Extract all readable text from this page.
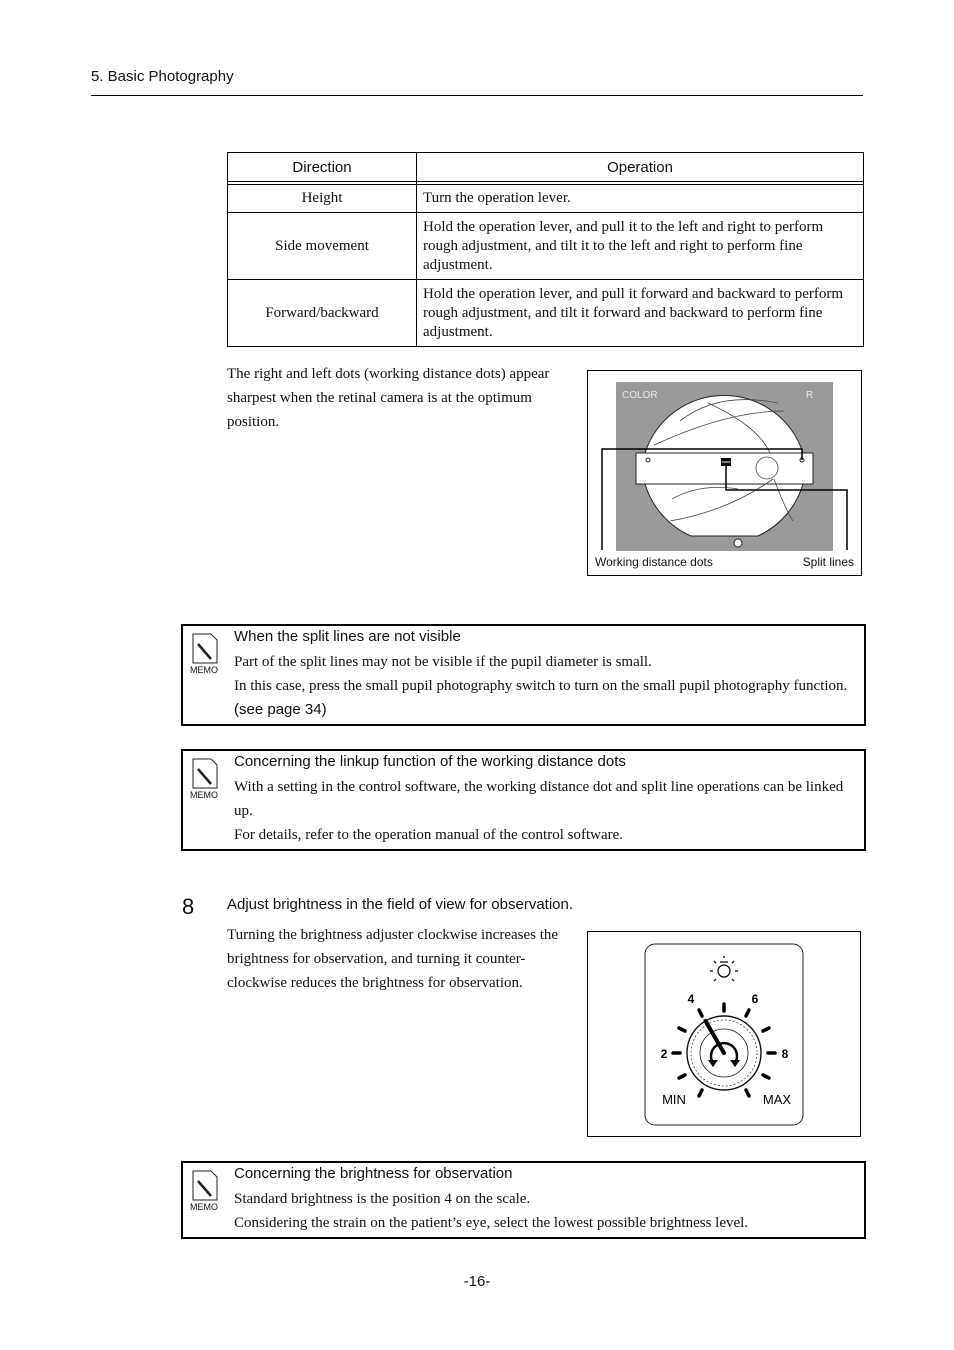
5. Basic Photography
Direction	Operation

Height	Turn the operation lever.
Side movement	Hold the operation lever, and pull it to the left and right to perform rough adjustment, and tilt it to the left and right to perform fine adjustment.
Forward/backward	Hold the operation lever, and pull it forward and backward to perform rough adjustment, and tilt it forward and backward to perform fine adjustment.
The right and left dots (working distance dots) appear sharpest when the retinal camera is at the optimum position.
COLOR	R
Working distance dots	Split lines
MEMO
When the split lines are not visible
Part of the split lines may not be visible if the pupil diameter is small.
In this case, press the small pupil photography switch to turn on the small pupil photography function. (see page 34)
MEMO
Concerning the linkup function of the working distance dots
With a setting in the control software, the working distance dot and split line operations can be linked up.
For details, refer to the operation manual of the control software.
8 Adjust brightness in the field of view for observation.
Turning the brightness adjuster clockwise increases the brightness for observation, and turning it counter-clockwise reduces the brightness for observation.
4	6
2	8
MIN	MAX
MEMO
Concerning the brightness for observation
Standard brightness is the position 4 on the scale.
Considering the strain on the patient’s eye, select the lowest possible brightness level.
-16-
